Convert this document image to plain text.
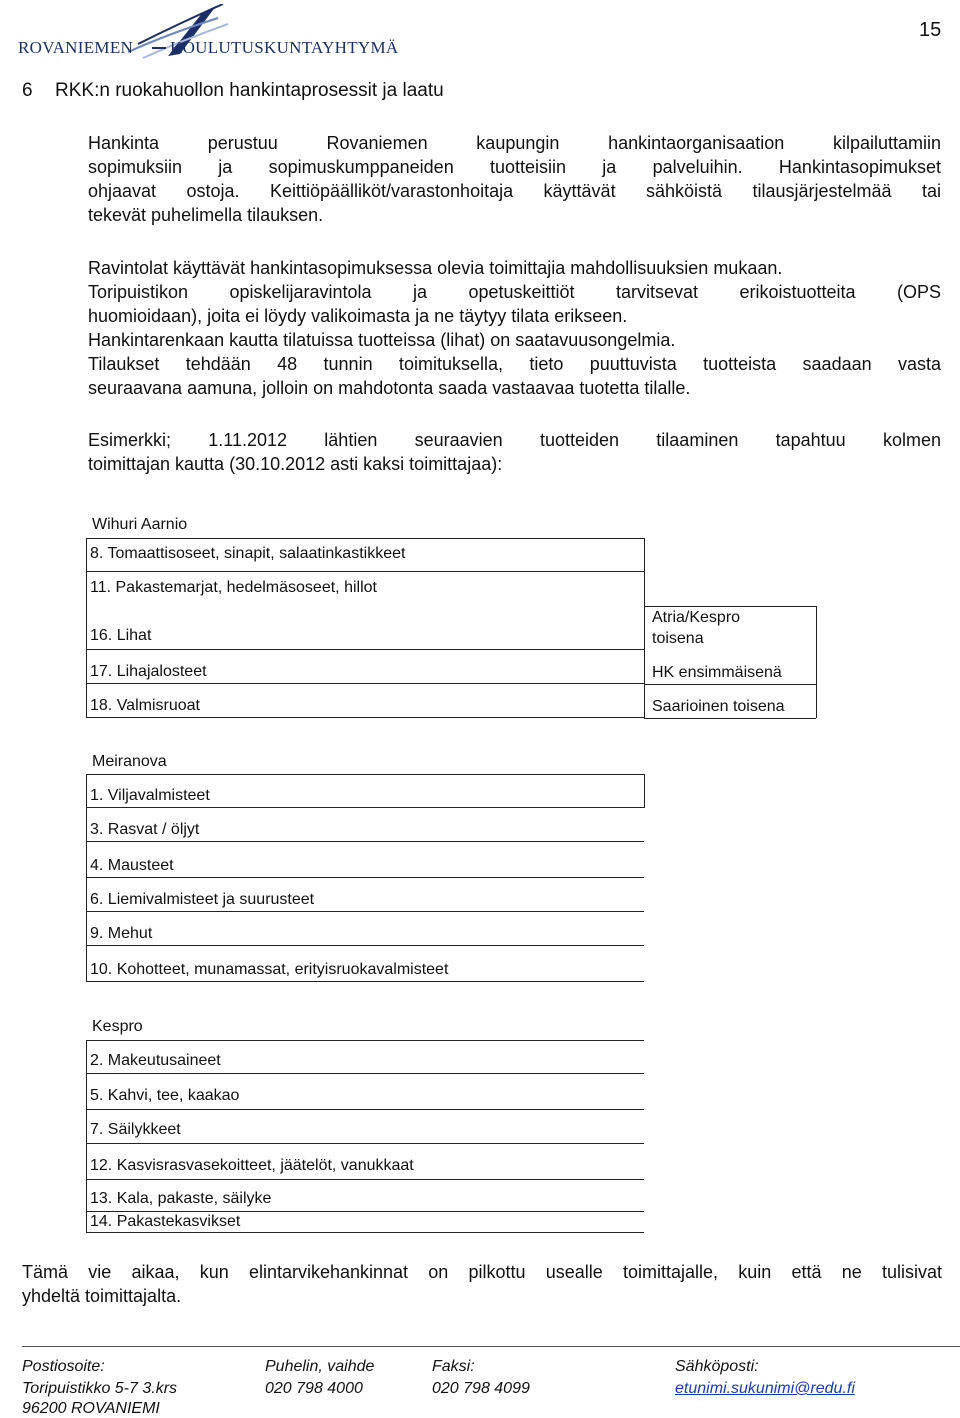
ROVANIEMEN KOULUTUSKUNTAYHTYMÄ
15
6 RKK:n ruokahuollon hankintaprosessit ja laatu
Hankinta perustuu Rovaniemen kaupungin hankintaorganisaation kilpailuttamiin
sopimuksiin ja sopimuskumppaneiden tuotteisiin ja palveluihin. Hankintasopimukset
ohjaavat ostoja. Keittiöpäälliköt/varastonhoitaja käyttävät sähköistä tilausjärjestelmää tai
tekevät puhelimella tilauksen.
Ravintolat käyttävät hankintasopimuksessa olevia toimittajia mahdollisuuksien mukaan.
Toripuistikon opiskelijaravintola ja opetuskeittiöt tarvitsevat erikoistuotteita (OPS
huomioidaan), joita ei löydy valikoimasta ja ne täytyy tilata erikseen.
Hankintarenkaan kautta tilatuissa tuotteissa (lihat) on saatavuusongelmia.
Tilaukset tehdään 48 tunnin toimituksella, tieto puuttuvista tuotteista saadaan vasta
seuraavana aamuna, jolloin on mahdotonta saada vastaavaa tuotetta tilalle.
Esimerkki; 1.11.2012 lähtien seuraavien tuotteiden tilaaminen tapahtuu kolmen
toimittajan kautta (30.10.2012 asti kaksi toimittajaa):
Wihuri Aarnio
8. Tomaattisoseet, sinapit, salaatinkastikkeet
11. Pakastemarjat, hedelmäsoseet, hillot
16. Lihat
17. Lihajalosteet
18. Valmisruoat
Atria/Kespro
toisena
HK ensimmäisenä
Saarioinen toisena
Meiranova
1. Viljavalmisteet
3. Rasvat / öljyt
4. Mausteet
6. Liemivalmisteet ja suurusteet
9. Mehut
10. Kohotteet, munamassat, erityisruokavalmisteet
Kespro
2. Makeutusaineet
5. Kahvi, tee, kaakao
7. Säilykkeet
12. Kasvisrasvasekoitteet, jäätelöt, vanukkaat
13. Kala, pakaste, säilyke
14. Pakastekasvikset
Tämä vie aikaa, kun elintarvikehankinnat on pilkottu usealle toimittajalle, kuin että ne tulisivat
yhdeltä toimittajalta.
Postiosoite:
Toripuistikko 5-7 3.krs
96200 ROVANIEMI
Puhelin, vaihde
020 798 4000
Faksi:
020 798 4099
Sähköposti:
etunimi.sukunimi@redu.fi
